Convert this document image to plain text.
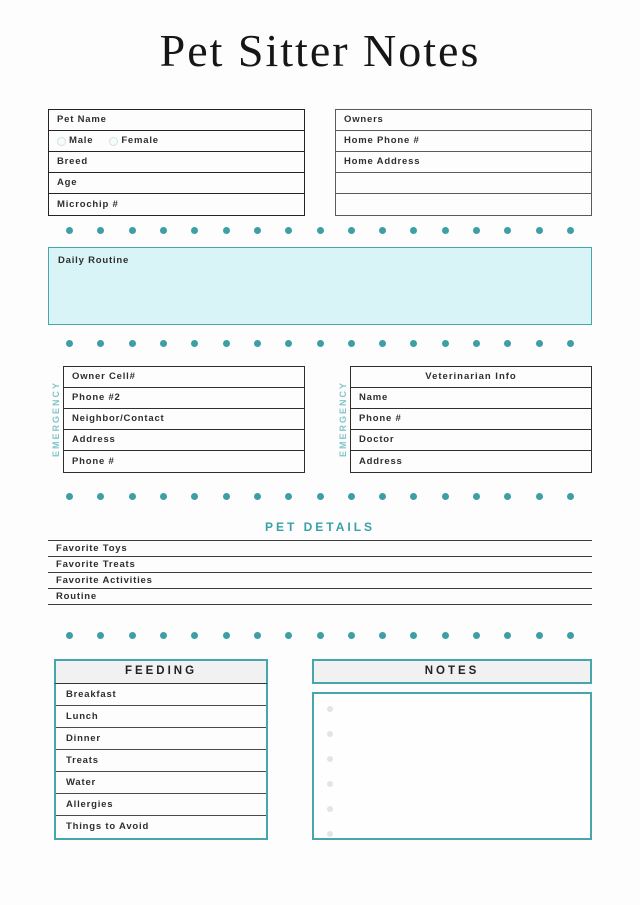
Pet Sitter Notes
Pet Name
Male	Female
Breed
Age
Microchip #
Owners
Home Phone #
Home Address
Daily Routine
EMERGENCY
Owner Cell#
Phone #2
Neighbor/Contact
Address
Phone #
EMERGENCY
Veterinarian Info
Name
Phone #
Doctor
Address
PET DETAILS
Favorite Toys
Favorite Treats
Favorite Activities
Routine
FEEDING
Breakfast
Lunch
Dinner
Treats
Water
Allergies
Things to Avoid
NOTES
